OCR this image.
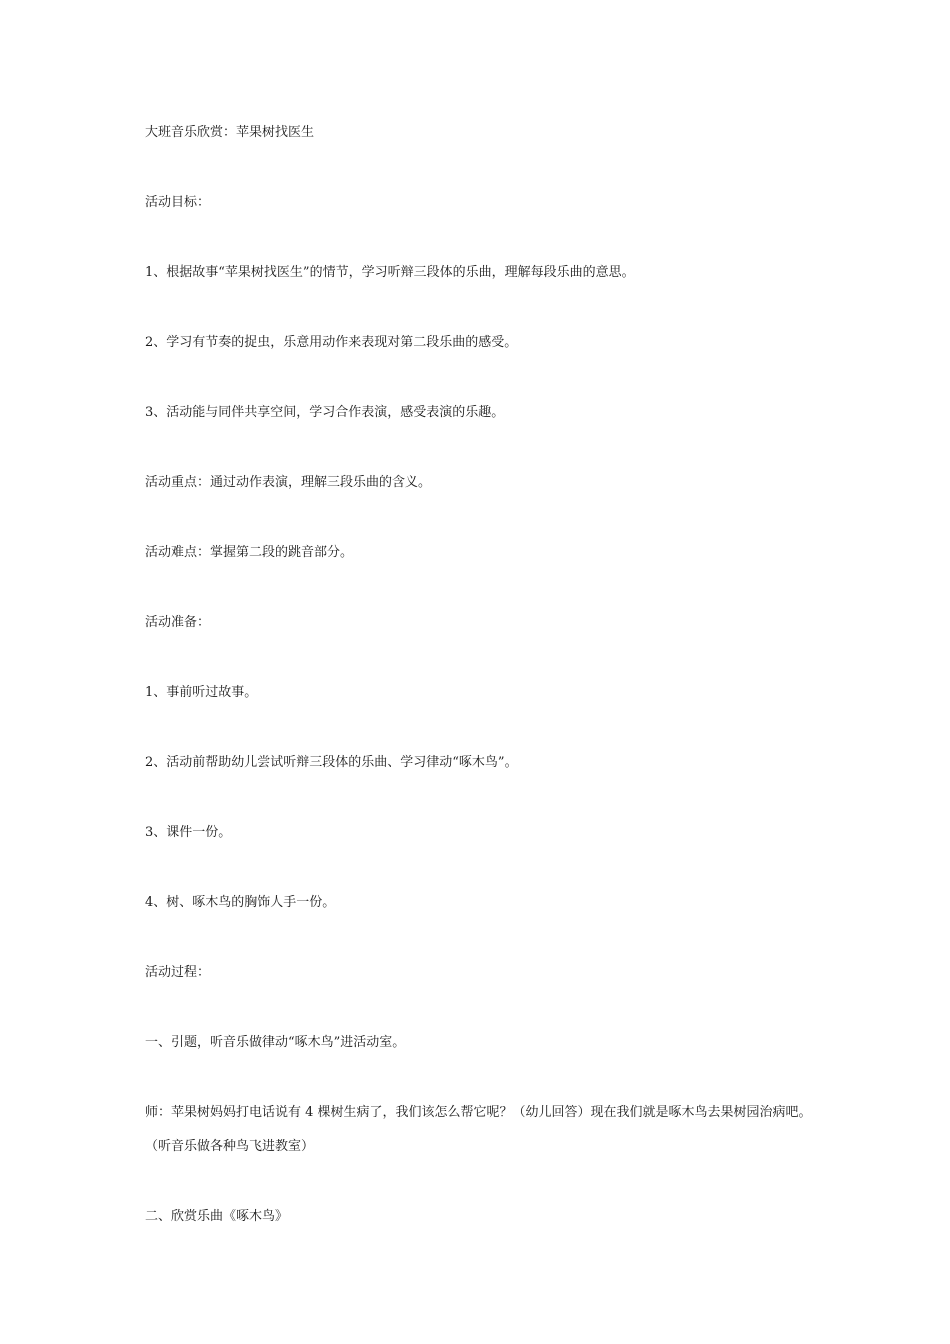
大班音乐欣赏：苹果树找医生

活动目标：

1、根据故事“苹果树找医生”的情节，学习听辩三段体的乐曲，理解每段乐曲的意思。

2、学习有节奏的捉虫，乐意用动作来表现对第二段乐曲的感受。

3、活动能与同伴共享空间，学习合作表演，感受表演的乐趣。

活动重点：通过动作表演，理解三段乐曲的含义。

活动难点：掌握第二段的跳音部分。

活动准备：

1、事前听过故事。

2、活动前帮助幼儿尝试听辩三段体的乐曲、学习律动“啄木鸟”。

3、课件一份。

4、树、啄木鸟的胸饰人手一份。

活动过程：

一、引题，听音乐做律动“啄木鸟”进活动室。

师：苹果树妈妈打电话说有 4 棵树生病了，我们该怎么帮它呢？（幼儿回答）现在我们就是啄木鸟去果树园治病吧。（听音乐做各种鸟飞进教室）

二、欣赏乐曲《啄木鸟》
